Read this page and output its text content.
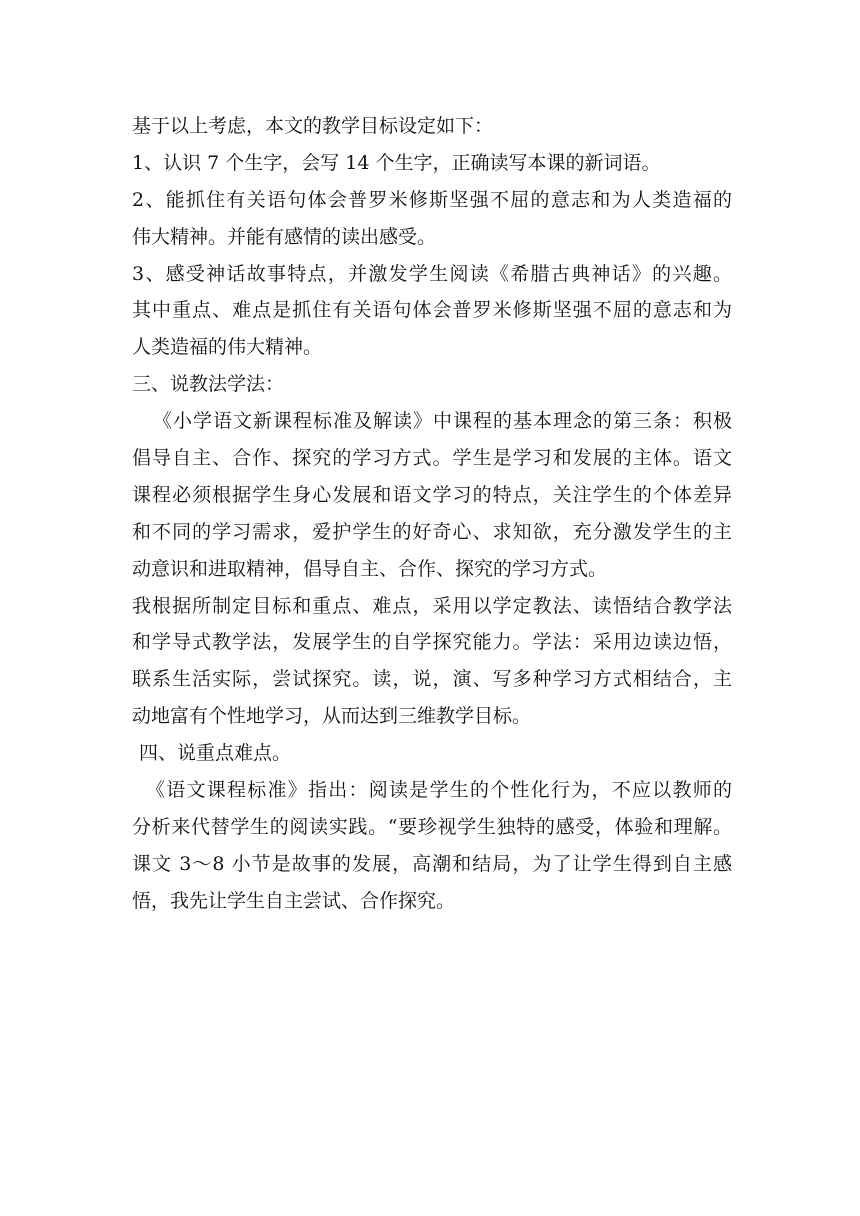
基于以上考虑，本文的教学目标设定如下：
1、认识 7 个生字，会写 14 个生字，正确读写本课的新词语。
2、能抓住有关语句体会普罗米修斯坚强不屈的意志和为人类造福的
伟大精神。并能有感情的读出感受。
3、感受神话故事特点，并激发学生阅读《希腊古典神话》的兴趣。
其中重点、难点是抓住有关语句体会普罗米修斯坚强不屈的意志和为
人类造福的伟大精神。
三、说教法学法：
《小学语文新课程标准及解读》中课程的基本理念的第三条：积极
倡导自主、合作、探究的学习方式。学生是学习和发展的主体。语文
课程必须根据学生身心发展和语文学习的特点，关注学生的个体差异
和不同的学习需求，爱护学生的好奇心、求知欲，充分激发学生的主
动意识和进取精神，倡导自主、合作、探究的学习方式。
我根据所制定目标和重点、难点，采用以学定教法、读悟结合教学法
和学导式教学法，发展学生的自学探究能力。学法：采用边读边悟，
联系生活实际，尝试探究。读，说，演、写多种学习方式相结合，主
动地富有个性地学习，从而达到三维教学目标。
四、说重点难点。
《语文课程标准》指出：阅读是学生的个性化行为，不应以教师的
分析来代替学生的阅读实践。“要珍视学生独特的感受，体验和理解。
课文 3～8 小节是故事的发展，高潮和结局，为了让学生得到自主感
悟，我先让学生自主尝试、合作探究。
